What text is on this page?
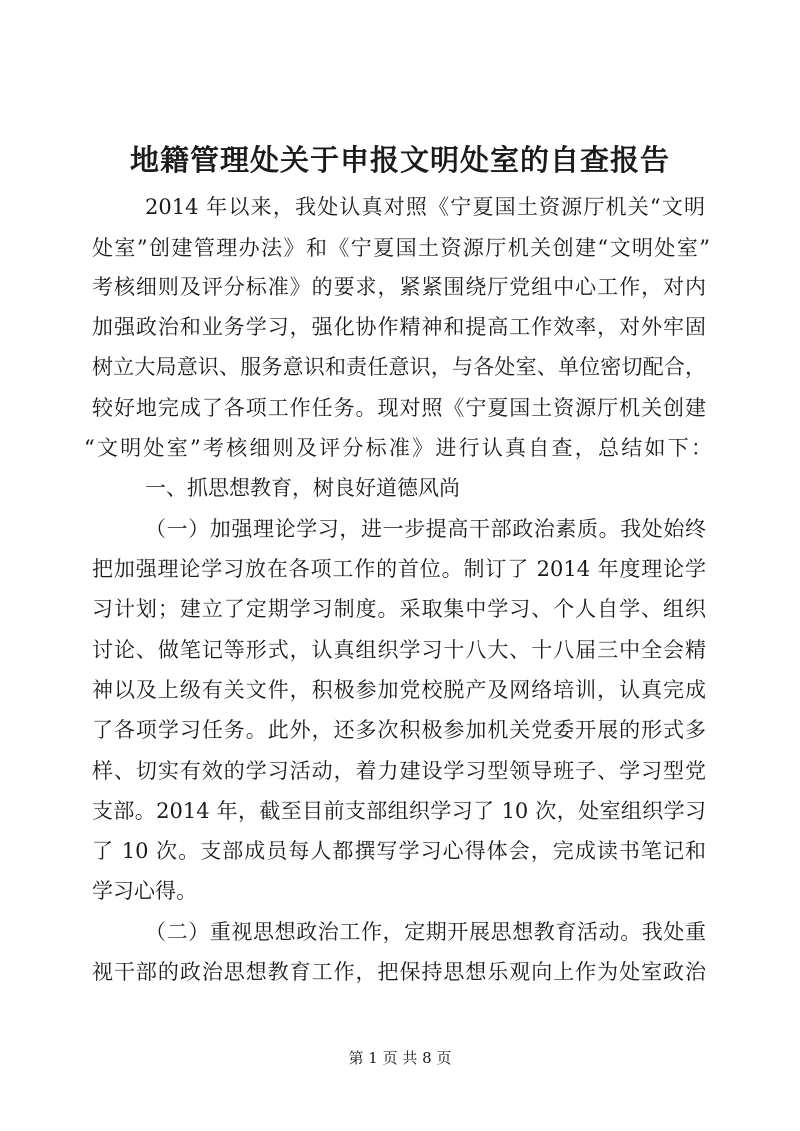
地籍管理处关于申报文明处室的自查报告
2014 年以来，我处认真对照《宁夏国土资源厅机关“文明
处室”创建管理办法》和《宁夏国土资源厅机关创建“文明处室”
考核细则及评分标准》的要求，紧紧围绕厅党组中心工作，对内
加强政治和业务学习，强化协作精神和提高工作效率，对外牢固
树立大局意识、服务意识和责任意识，与各处室、单位密切配合，
较好地完成了各项工作任务。现对照《宁夏国土资源厅机关创建
“文明处室”考核细则及评分标准》进行认真自查，总结如下：
一、抓思想教育，树良好道德风尚
（一）加强理论学习，进一步提高干部政治素质。我处始终
把加强理论学习放在各项工作的首位。制订了 2014 年度理论学
习计划；建立了定期学习制度。采取集中学习、个人自学、组织
讨论、做笔记等形式，认真组织学习十八大、十八届三中全会精
神以及上级有关文件，积极参加党校脱产及网络培训，认真完成
了各项学习任务。此外，还多次积极参加机关党委开展的形式多
样、切实有效的学习活动，着力建设学习型领导班子、学习型党
支部。2014 年，截至目前支部组织学习了 10 次，处室组织学习
了 10 次。支部成员每人都撰写学习心得体会，完成读书笔记和
学习心得。
（二）重视思想政治工作，定期开展思想教育活动。我处重
视干部的政治思想教育工作，把保持思想乐观向上作为处室政治
第 1 页 共 8 页
